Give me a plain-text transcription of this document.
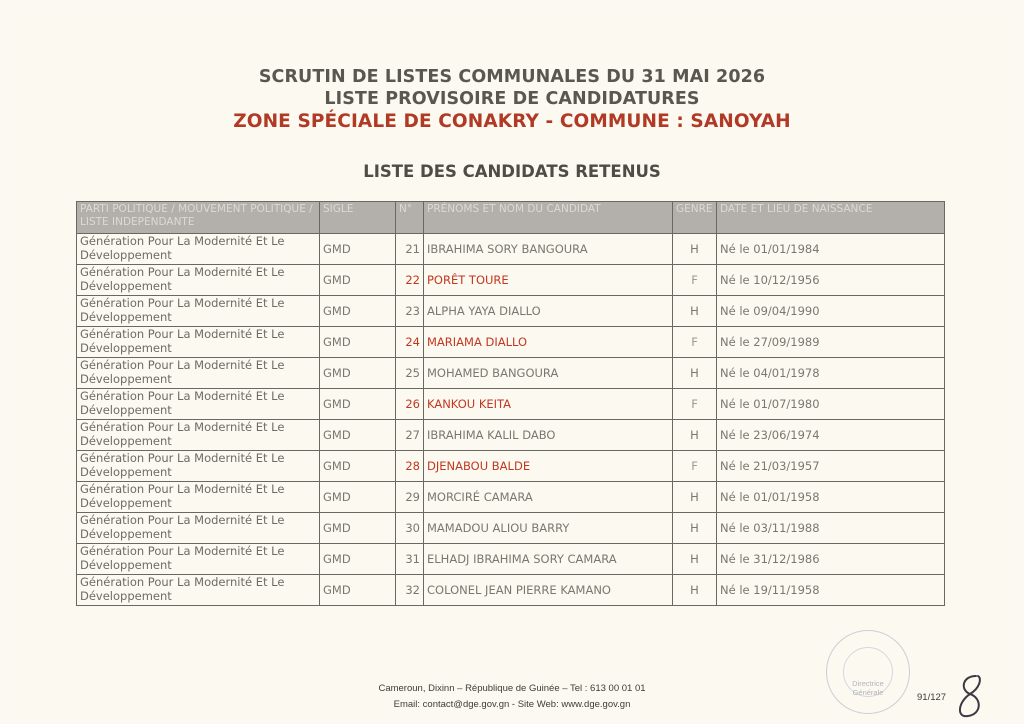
SCRUTIN DE LISTES COMMUNALES DU 31 MAI 2026
LISTE PROVISOIRE DE CANDIDATURES
ZONE SPÉCIALE DE CONAKRY - COMMUNE : SANOYAH
LISTE DES CANDIDATS RETENUS
PARTI POLITIQUE / MOUVEMENT POLITIQUE / LISTE INDEPENDANTE	SIGLE	N°	PRÉNOMS ET NOM DU CANDIDAT	GENRE	DATE ET LIEU DE NAISSANCE
Génération Pour La Modernité Et Le Développement	GMD	21	IBRAHIMA SORY BANGOURA	H	Né le 01/01/1984
Génération Pour La Modernité Et Le Développement	GMD	22	PORÊT TOURE	F	Né le 10/12/1956
Génération Pour La Modernité Et Le Développement	GMD	23	ALPHA YAYA DIALLO	H	Né le 09/04/1990
Génération Pour La Modernité Et Le Développement	GMD	24	MARIAMA DIALLO	F	Né le 27/09/1989
Génération Pour La Modernité Et Le Développement	GMD	25	MOHAMED BANGOURA	H	Né le 04/01/1978
Génération Pour La Modernité Et Le Développement	GMD	26	KANKOU KEITA	F	Né le 01/07/1980
Génération Pour La Modernité Et Le Développement	GMD	27	IBRAHIMA KALIL DABO	H	Né le 23/06/1974
Génération Pour La Modernité Et Le Développement	GMD	28	DJENABOU BALDE	F	Né le 21/03/1957
Génération Pour La Modernité Et Le Développement	GMD	29	MORCIRÉ CAMARA	H	Né le 01/01/1958
Génération Pour La Modernité Et Le Développement	GMD	30	MAMADOU ALIOU BARRY	H	Né le 03/11/1988
Génération Pour La Modernité Et Le Développement	GMD	31	ELHADJ IBRAHIMA SORY CAMARA	H	Né le 31/12/1986
Génération Pour La Modernité Et Le Développement	GMD	32	COLONEL JEAN PIERRE KAMANO	H	Né le 19/11/1958
Cameroun, Dixinn – République de Guinée – Tel : 613 00 01 01
Email: contact@dge.gov.gn - Site Web: www.dge.gov.gn
Directrice
Générale	91/127
